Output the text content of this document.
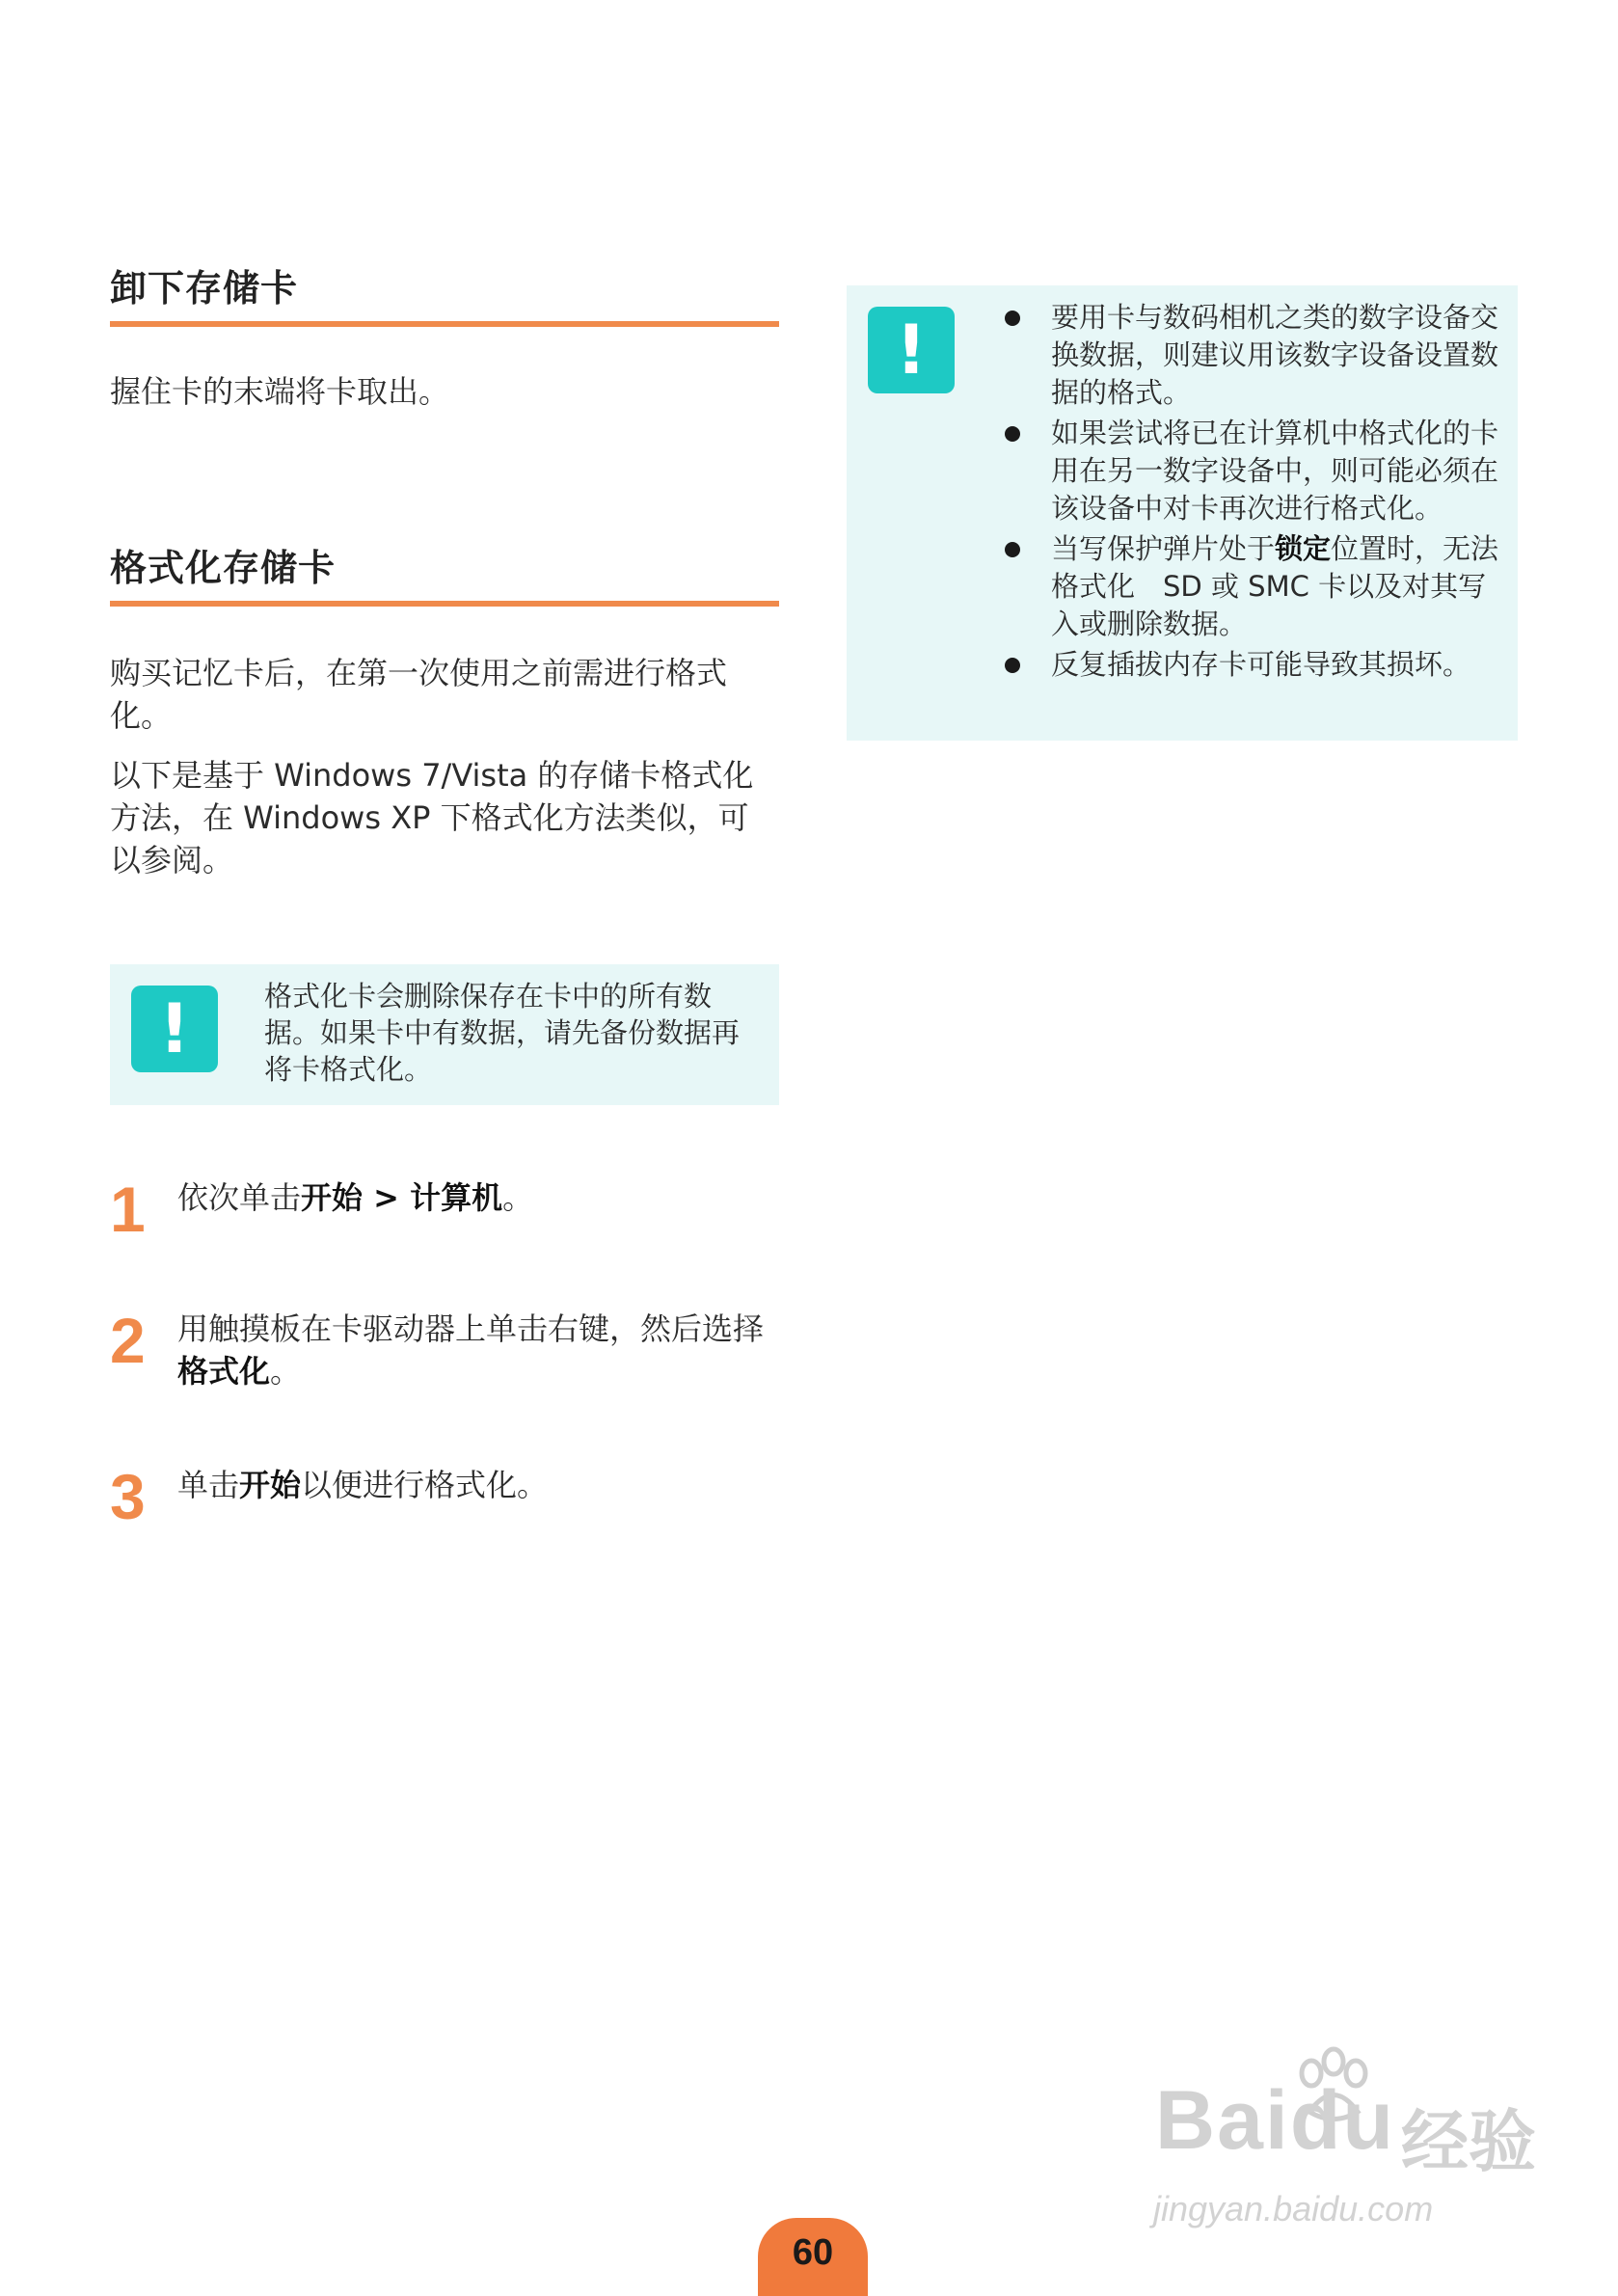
卸下存储卡

握住卡的末端将卡取出。

格式化存储卡

购买记忆卡后，在第一次使用之前需进行格式化。

以下是基于 Windows 7/Vista 的存储卡格式化方法，在 Windows XP 下格式化方法类似，可以参阅。

!	格式化卡会删除保存在卡中的所有数据。如果卡中有数据，请先备份数据再将卡格式化。
1 依次单击开始 > 计算机。
2 用触摸板在卡驱动器上单击右键，然后选择格式化。
3 单击开始以便进行格式化。
!	要用卡与数码相机之类的数字设备交换数据，则建议用该数字设备设置数据的格式。
如果尝试将已在计算机中格式化的卡用在另一数字设备中，则可能必须在该设备中对卡再次进行格式化。
当写保护弹片处于锁定位置时，无法格式化　SD 或 SMC 卡以及对其写入或删除数据。
反复插拔内存卡可能导致其损坏。
Baidu 经验
jingyan.baidu.com
60
